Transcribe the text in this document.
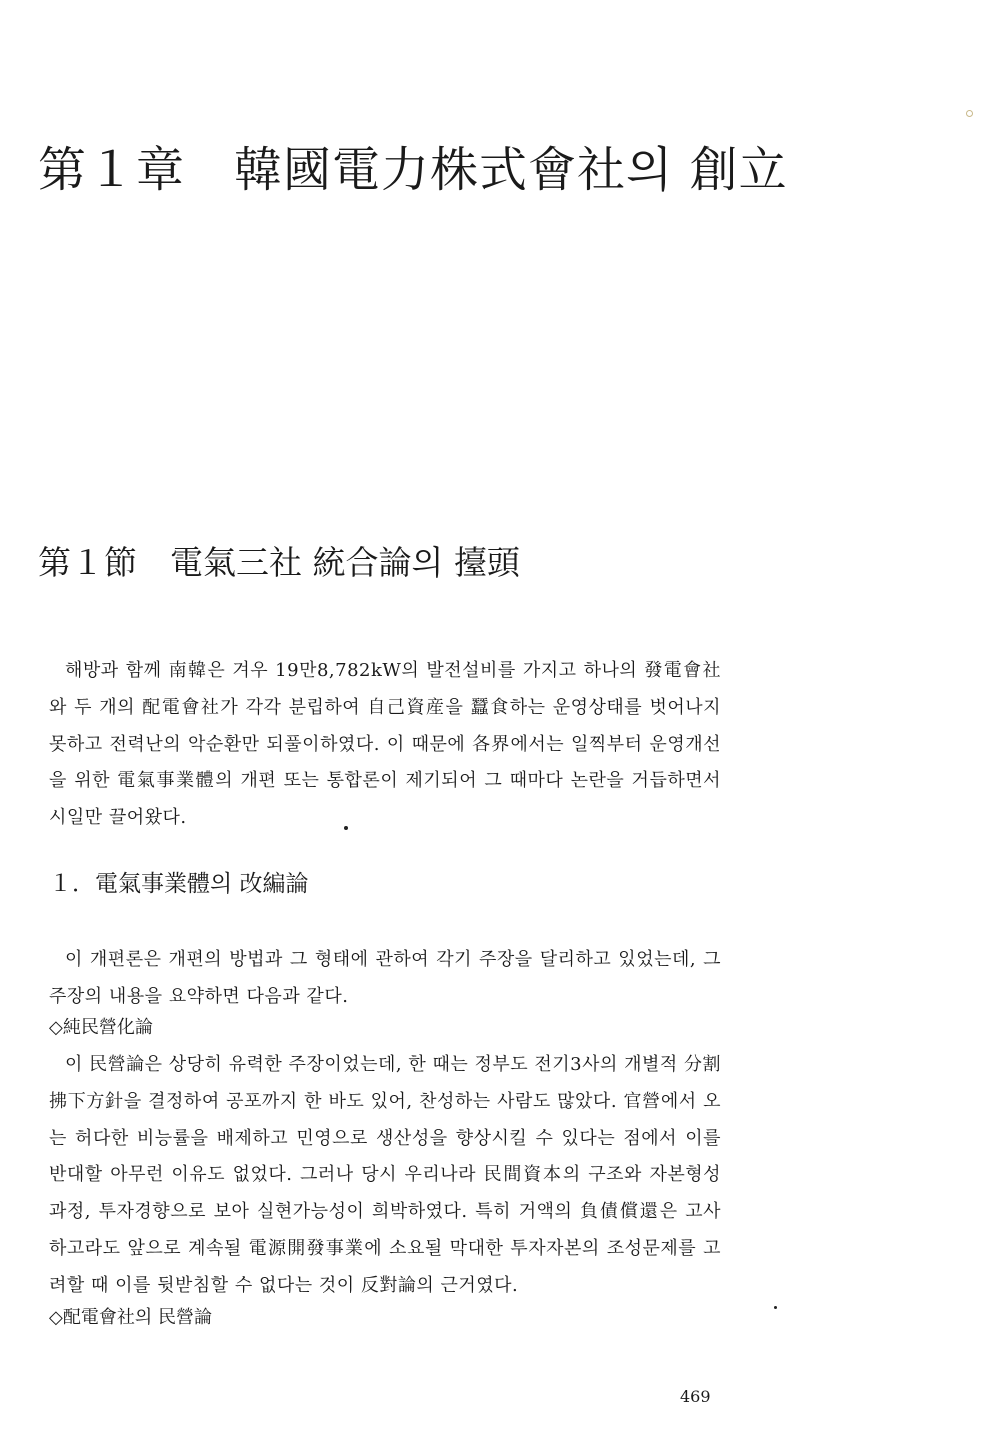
第１章　韓國電力株式會社의 創立
第１節　電氣三社 統合論의 擡頭
해방과 함께 南韓은 겨우 19만8,782kW의 발전설비를 가지고 하나의 發電會社와 두 개의 配電會社가 각각 분립하여 自己資産을 蠶食하는 운영상태를 벗어나지 못하고 전력난의 악순환만 되풀이하였다. 이 때문에 各界에서는 일찍부터 운영개선을 위한 電氣事業體의 개편 또는 통합론이 제기되어 그 때마다 논란을 거듭하면서 시일만 끌어왔다.
１．電氣事業體의 改編論
이 개편론은 개편의 방법과 그 형태에 관하여 각기 주장을 달리하고 있었는데, 그 주장의 내용을 요약하면 다음과 같다.
◇純民營化論
이 民營論은 상당히 유력한 주장이었는데, 한 때는 정부도 전기3사의 개별적 分割拂下方針을 결정하여 공포까지 한 바도 있어, 찬성하는 사람도 많았다. 官營에서 오는 허다한 비능률을 배제하고 민영으로 생산성을 향상시킬 수 있다는 점에서 이를 반대할 아무런 이유도 없었다. 그러나 당시 우리나라 民間資本의 구조와 자본형성과정, 투자경향으로 보아 실현가능성이 희박하였다. 특히 거액의 負債償還은 고사하고라도 앞으로 계속될 電源開發事業에 소요될 막대한 투자자본의 조성문제를 고려할 때 이를 뒷받침할 수 없다는 것이 反對論의 근거였다.
◇配電會社의 民營論
469
